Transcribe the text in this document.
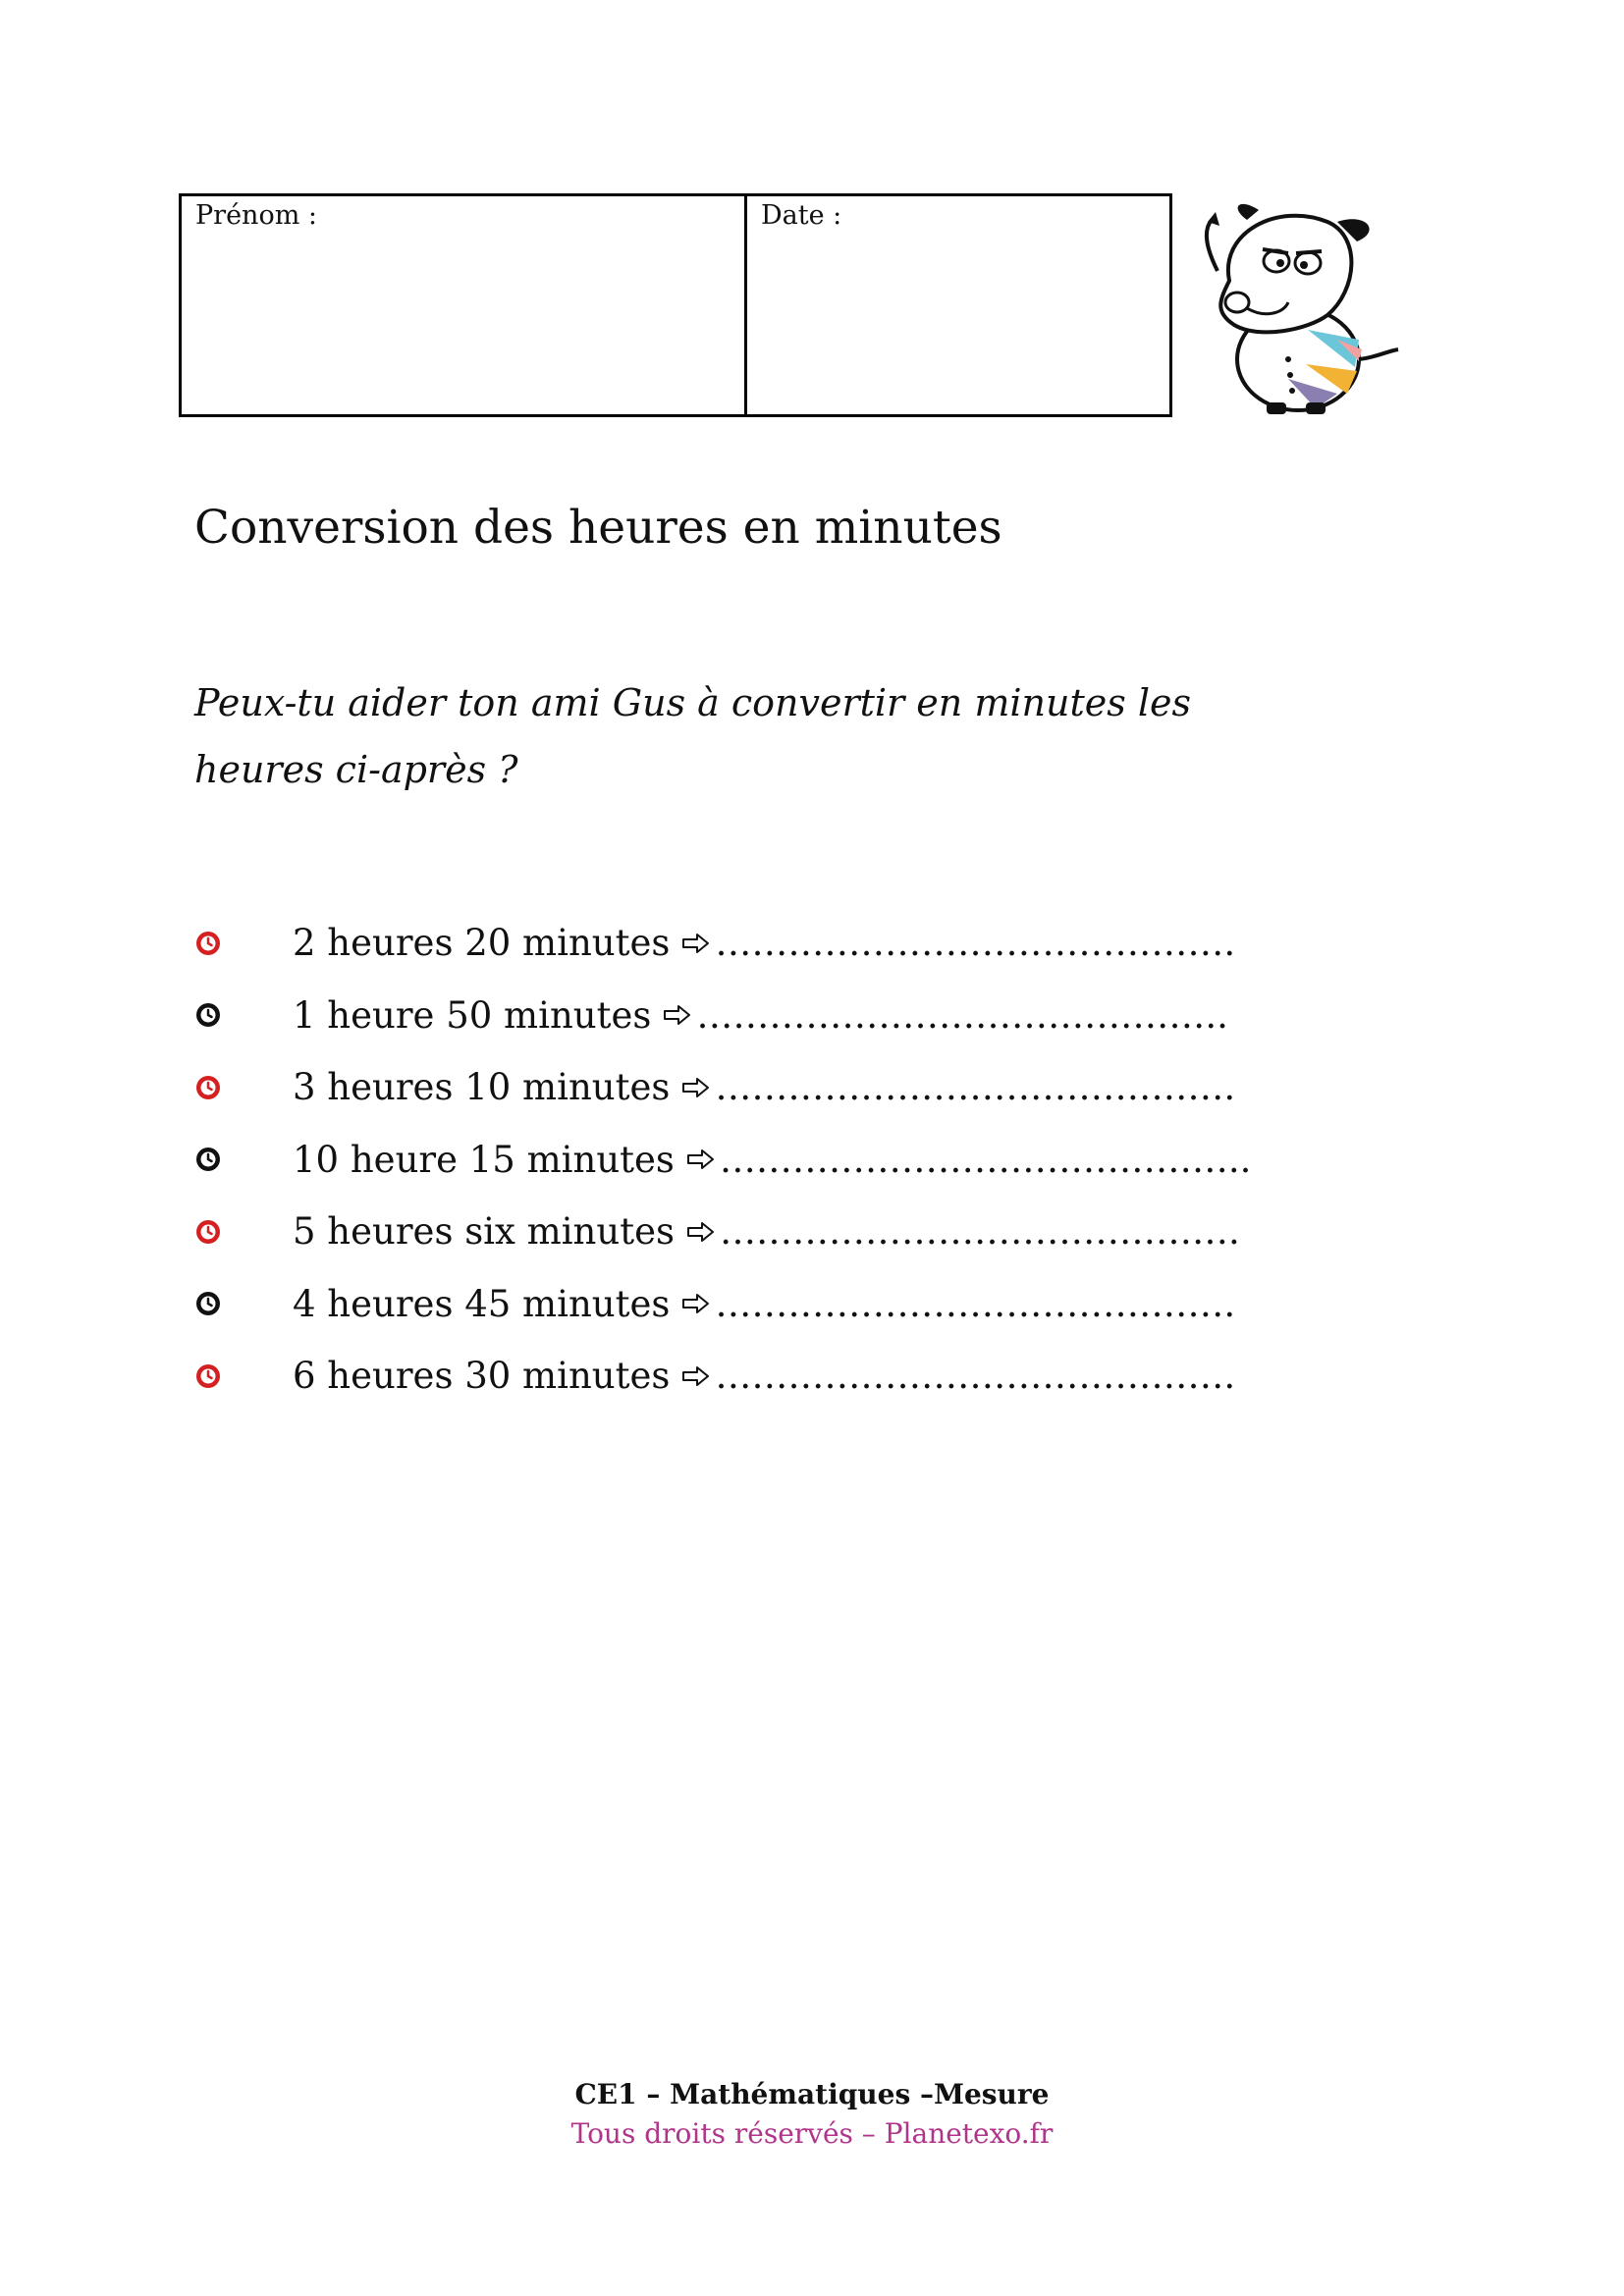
Prénom :	Date :
Conversion des heures en minutes
Peux-tu aider ton ami Gus à convertir en minutes les
heures ci-après ?
2 heures 20 minutes …………………………………….
1 heure 50 minutes ……………………………………..
3 heures 10 minutes …………………………………….
10 heure 15 minutes ……………………………………..
5 heures six minutes …………………………………….
4 heures 45 minutes …………………………………….
6 heures 30 minutes …………………………………….
CE1 – Mathématiques –Mesure
Tous droits réservés – Planetexo.fr
